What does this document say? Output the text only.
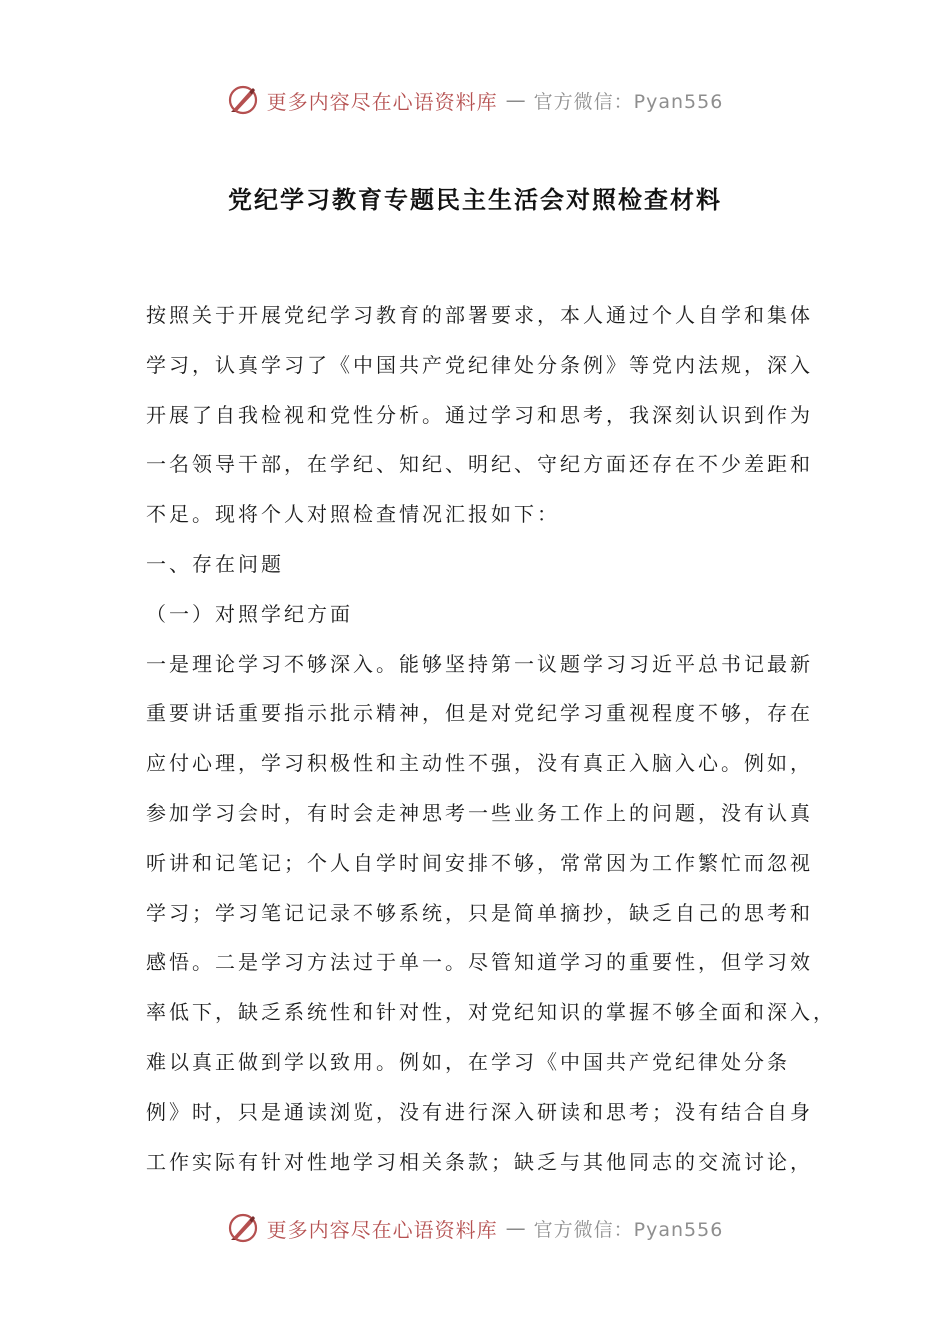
更多内容尽在心语资料库 — 官方微信：Pyan556
党纪学习教育专题民主生活会对照检查材料
按照关于开展党纪学习教育的部署要求，本人通过个人自学和集体
学习，认真学习了《中国共产党纪律处分条例》等党内法规，深入
开展了自我检视和党性分析。通过学习和思考，我深刻认识到作为
一名领导干部，在学纪、知纪、明纪、守纪方面还存在不少差距和
不足。现将个人对照检查情况汇报如下：
一、存在问题
（一）对照学纪方面
一是理论学习不够深入。能够坚持第一议题学习习近平总书记最新
重要讲话重要指示批示精神，但是对党纪学习重视程度不够，存在
应付心理，学习积极性和主动性不强，没有真正入脑入心。例如，
参加学习会时，有时会走神思考一些业务工作上的问题，没有认真
听讲和记笔记；个人自学时间安排不够，常常因为工作繁忙而忽视
学习；学习笔记记录不够系统，只是简单摘抄，缺乏自己的思考和
感悟。二是学习方法过于单一。尽管知道学习的重要性，但学习效
率低下，缺乏系统性和针对性，对党纪知识的掌握不够全面和深入，
难以真正做到学以致用。例如，在学习《中国共产党纪律处分条
例》时，只是通读浏览，没有进行深入研读和思考；没有结合自身
工作实际有针对性地学习相关条款；缺乏与其他同志的交流讨论，
更多内容尽在心语资料库 — 官方微信：Pyan556
